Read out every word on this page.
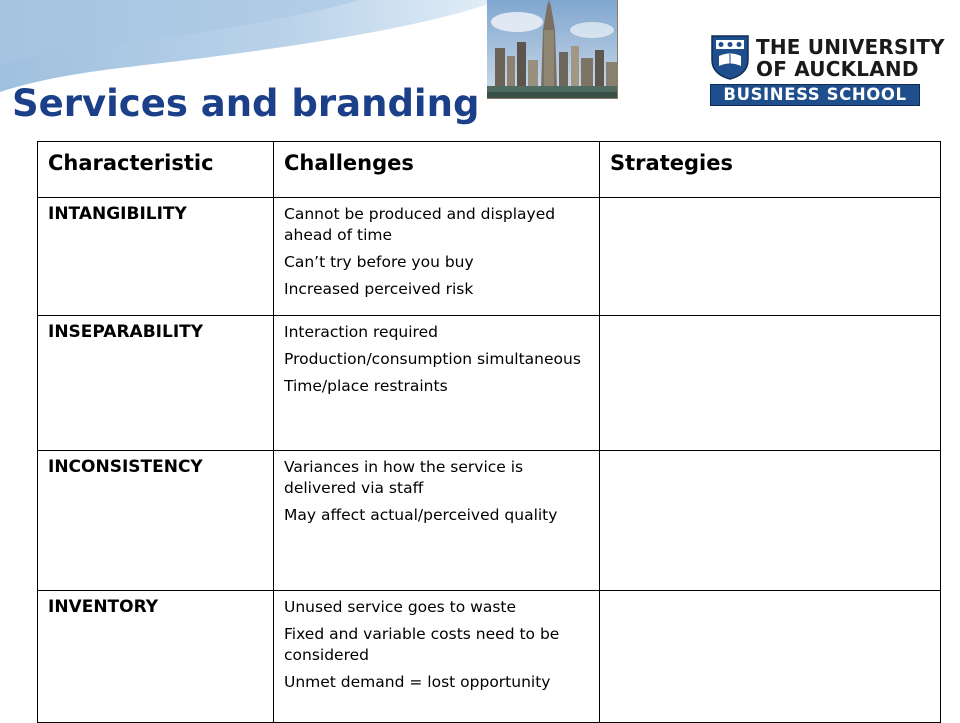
THE UNIVERSITY
OF AUCKLAND
BUSINESS SCHOOL
Services and branding
Characteristic	Challenges	Strategies
INTANGIBILITY	Cannot be produced and displayed ahead of time

Can’t try before you buy

Increased perceived risk	

INSEPARABILITY	Interaction required

Production/consumption simultaneous

Time/place restraints	

INCONSISTENCY	Variances in how the service is delivered via staff

May affect actual/perceived quality	

INVENTORY	Unused service goes to waste

Fixed and variable costs need to be considered

Unmet demand = lost opportunity	
